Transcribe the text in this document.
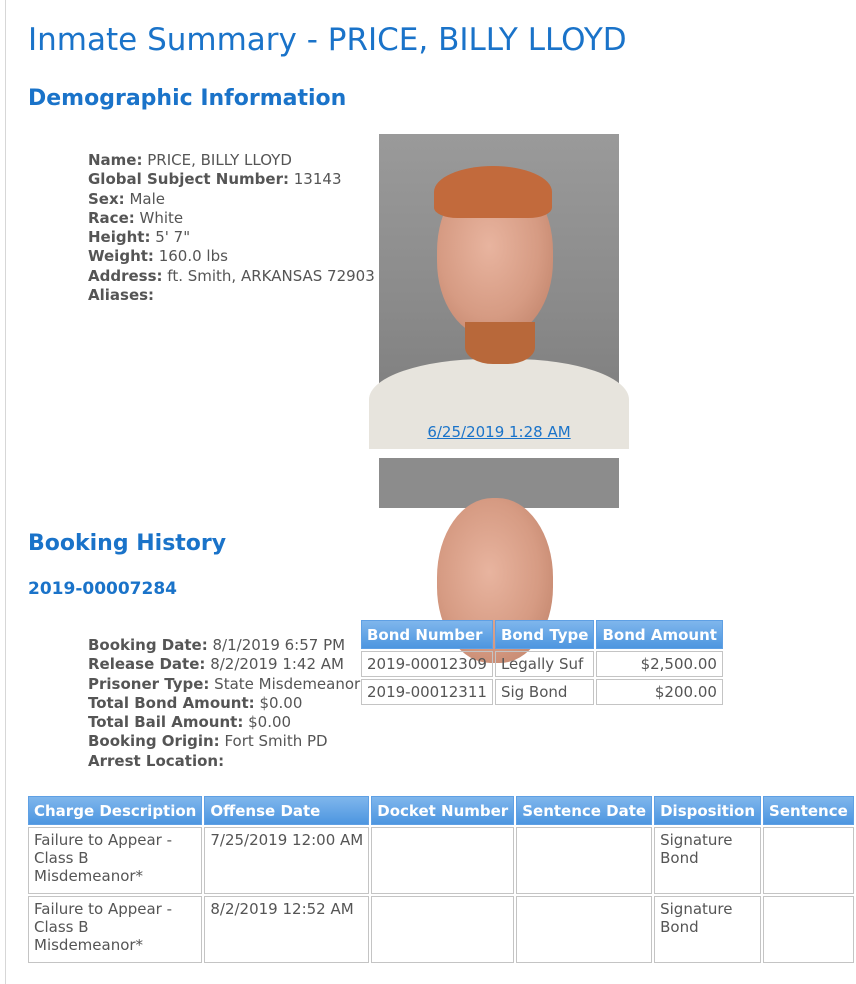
Inmate Summary - PRICE, BILLY LLOYD
Demographic Information
Name: PRICE, BILLY LLOYD
Global Subject Number: 13143
Sex: Male
Race: White
Height: 5' 7"
Weight: 160.0 lbs
Address: ft. Smith, ARKANSAS 72903
Aliases:
6/25/2019 1:28 AM
Booking History
2019-00007284
Booking Date: 8/1/2019 6:57 PM
Release Date: 8/2/2019 1:42 AM
Prisoner Type: State Misdemeanor
Total Bond Amount: $0.00
Total Bail Amount: $0.00
Booking Origin: Fort Smith PD
Arrest Location:
Bond Number	Bond Type	Bond Amount
2019-00012309	Legally Suf	$2,500.00
2019-00012311	Sig Bond	$200.00
Charge Description	Offense Date	Docket Number	Sentence Date	Disposition	Sentence
Failure to Appear - Class B Misdemeanor*	7/25/2019 12:00 AM			Signature Bond	
Failure to Appear - Class B Misdemeanor*	8/2/2019 12:52 AM			Signature Bond	
